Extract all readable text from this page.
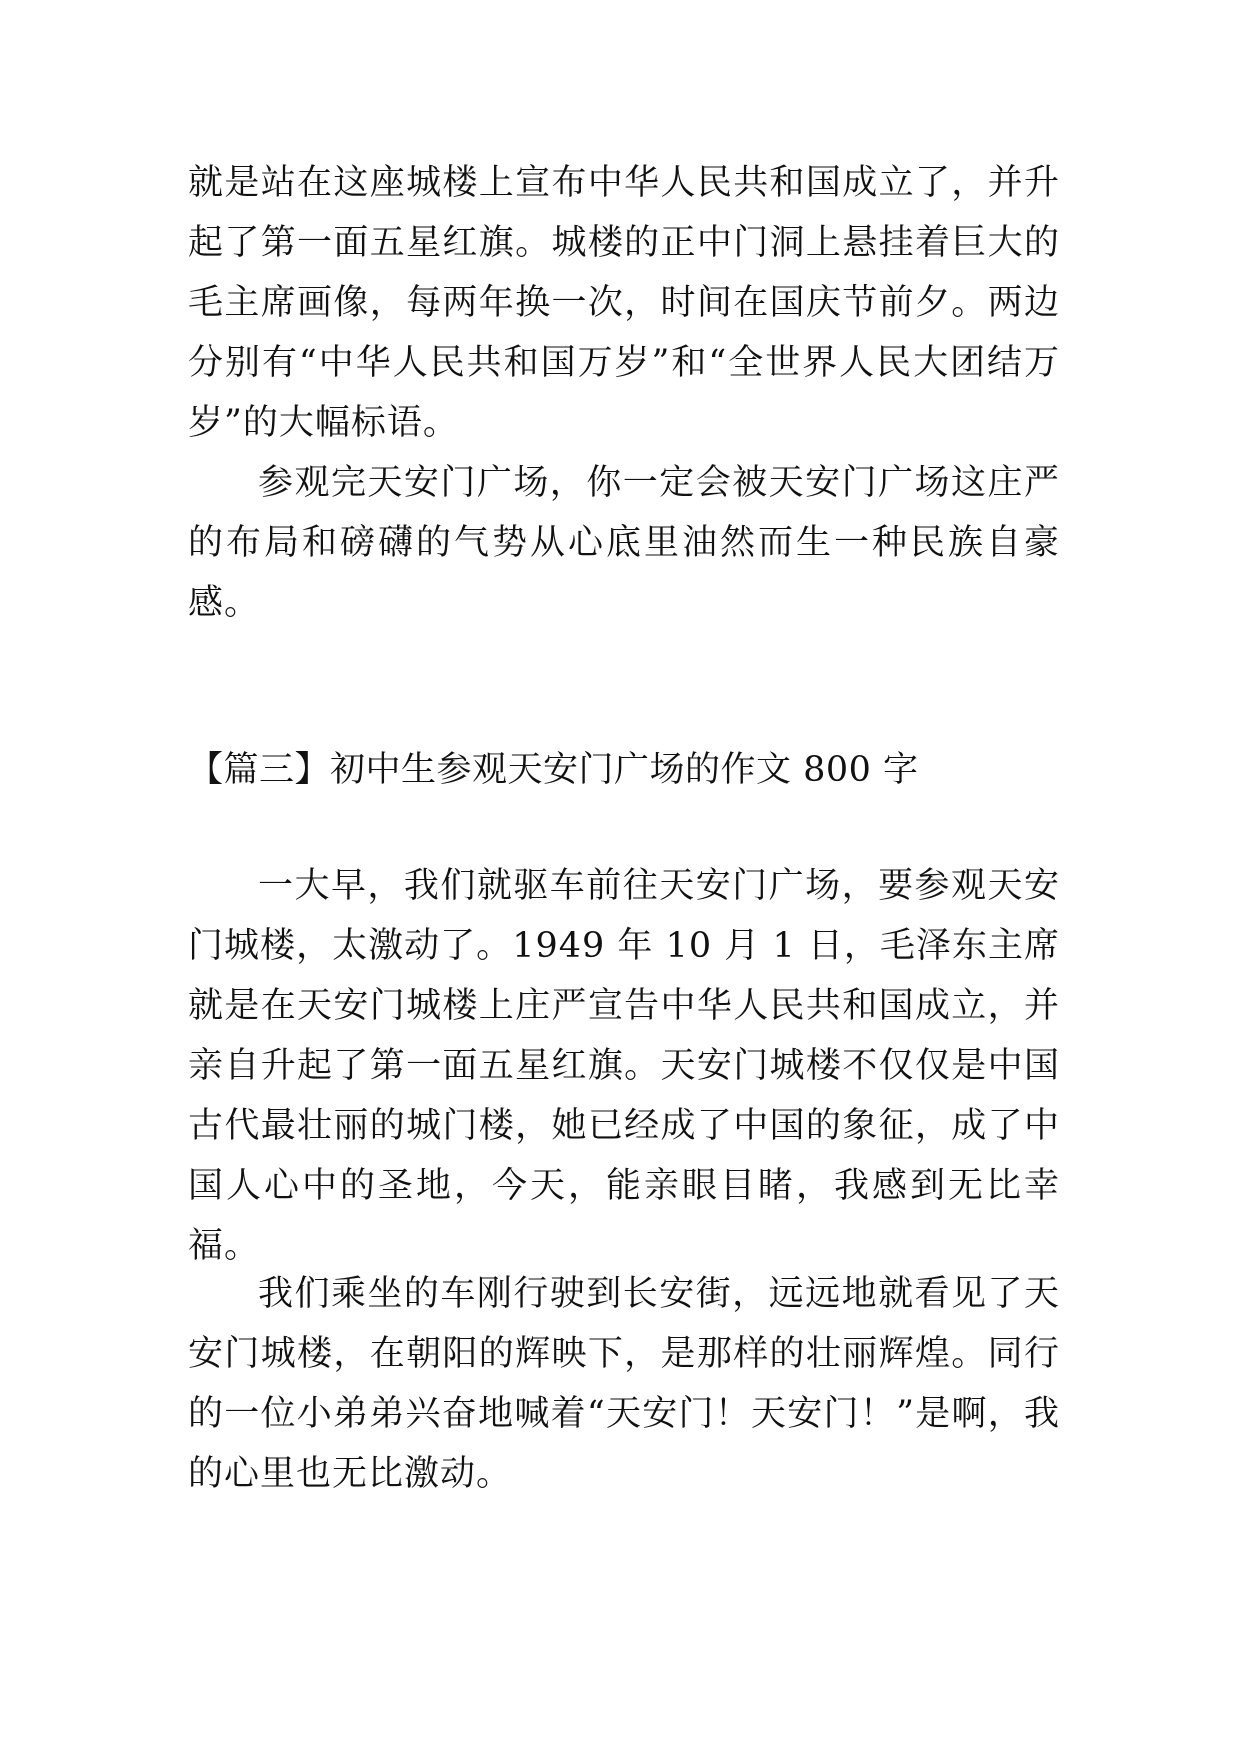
就是站在这座城楼上宣布中华人民共和国成立了，并升起了第一面五星红旗。城楼的正中门洞上悬挂着巨大的毛主席画像，每两年换一次，时间在国庆节前夕。两边分别有“中华人民共和国万岁”和“全世界人民大团结万岁”的大幅标语。

参观完天安门广场，你一定会被天安门广场这庄严的布局和磅礴的气势从心底里油然而生一种民族自豪感。

【篇三】初中生参观天安门广场的作文 800 字

一大早，我们就驱车前往天安门广场，要参观天安门城楼，太激动了。1949 年 10 月 1 日，毛泽东主席就是在天安门城楼上庄严宣告中华人民共和国成立，并亲自升起了第一面五星红旗。天安门城楼不仅仅是中国古代最壮丽的城门楼，她已经成了中国的象征，成了中国人心中的圣地，今天，能亲眼目睹，我感到无比幸福。

我们乘坐的车刚行驶到长安街，远远地就看见了天安门城楼，在朝阳的辉映下，是那样的壮丽辉煌。同行的一位小弟弟兴奋地喊着“天安门！天安门！”是啊，我的心里也无比激动。
